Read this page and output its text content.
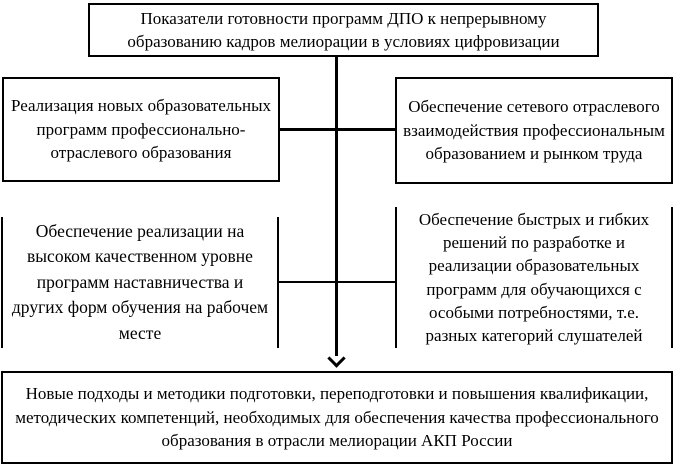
Показатели готовности программ ДПО к непрерывному образованию кадров мелиорации в условиях цифровизации
Реализация новых образовательных программ профессионально-отраслевого образования
Обеспечение сетевого отраслевого взаимодействия профессиональным образованием и рынком труда
Обеспечение реализации на высоком качественном уровне программ наставничества и других форм обучения на рабочем месте
Обеспечение быстрых и гибких решений по разработке и реализации образовательных программ для обучающихся с особыми потребностями, т.е. разных категорий слушателей
Новые подходы и методики подготовки, переподготовки и повышения квалификации, методических компетенций, необходимых для обеспечения качества профессионального образования в отрасли мелиорации АКП России
